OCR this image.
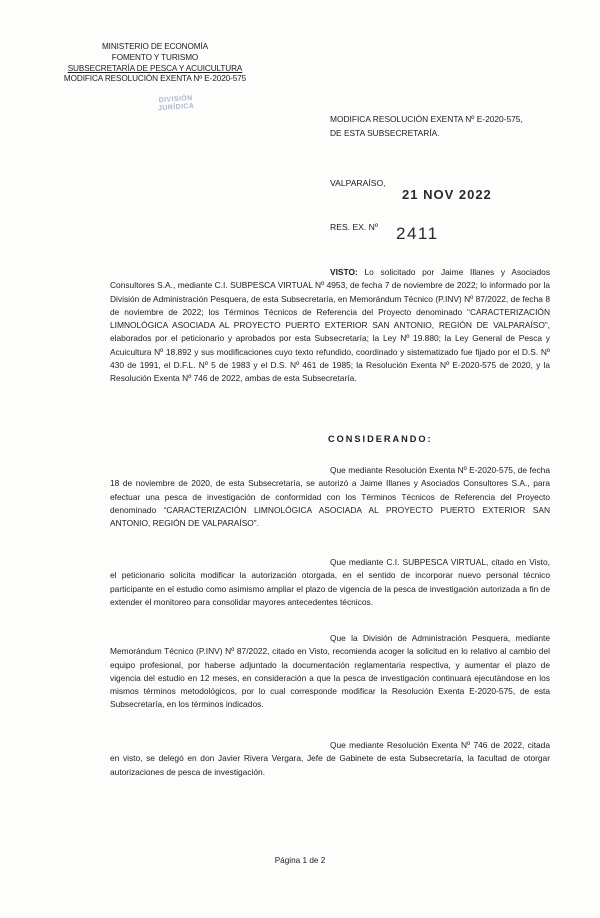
MINISTERIO DE ECONOMÍA
FOMENTO Y TURISMO
SUBSECRETARÍA DE PESCA Y ACUICULTURA
MODIFICA RESOLUCIÓN EXENTA Nº E-2020-575
DIVISIÓN
JURÍDICA
MODIFICA RESOLUCIÓN EXENTA Nº E-2020-575,
DE ESTA SUBSECRETARÍA.
VALPARAÍSO,
21 NOV 2022
RES. EX. Nº 2411

VISTO: Lo solicitado por Jaime Illanes y Asociados Consultores S.A., mediante C.I. SUBPESCA VIRTUAL Nº 4953, de fecha 7 de noviembre de 2022; lo informado por la División de Administración Pesquera, de esta Subsecretaría, en Memorándum Técnico (P.INV) Nº 87/2022, de fecha 8 de noviembre de 2022; los Términos Técnicos de Referencia del Proyecto denominado “CARACTERIZACIÓN LIMNOLÓGICA ASOCIADA AL PROYECTO PUERTO EXTERIOR SAN ANTONIO, REGIÓN DE VALPARAÍSO”, elaborados por el peticionario y aprobados por esta Subsecretaría; la Ley Nº 19.880; la Ley General de Pesca y Acuicultura Nº 18.892 y sus modificaciones cuyo texto refundido, coordinado y sistematizado fue fijado por el D.S. Nº 430 de 1991, el D.F.L. Nº 5 de 1983 y el D.S. Nº 461 de 1985; la Resolución Exenta Nº E-2020-575 de 2020, y la Resolución Exenta Nº 746 de 2022, ambas de esta Subsecretaría.

CONSIDERANDO:

Que mediante Resolución Exenta Nº E-2020-575, de fecha 18 de noviembre de 2020, de esta Subsecretaría, se autorizó a Jaime Illanes y Asociados Consultores S.A., para efectuar una pesca de investigación de conformidad con los Términos Técnicos de Referencia del Proyecto denominado “CARACTERIZACIÓN LIMNOLÓGICA ASOCIADA AL PROYECTO PUERTO EXTERIOR SAN ANTONIO, REGIÓN DE VALPARAÍSO”.

Que mediante C.I. SUBPESCA VIRTUAL, citado en Visto, el peticionario solicita modificar la autorización otorgada, en el sentido de incorporar nuevo personal técnico participante en el estudio como asimismo ampliar el plazo de vigencia de la pesca de investigación autorizada a fin de extender el monitoreo para consolidar mayores antecedentes técnicos.

Que la División de Administración Pesquera, mediante Memorándum Técnico (P.INV) Nº 87/2022, citado en Visto, recomienda acoger la solicitud en lo relativo al cambio del equipo profesional, por haberse adjuntado la documentación reglamentaria respectiva, y aumentar el plazo de vigencia del estudio en 12 meses, en consideración a que la pesca de investigación continuará ejecutándose en los mismos términos metodológicos, por lo cual corresponde modificar la Resolución Exenta E-2020-575, de esta Subsecretaría, en los términos indicados.

Que mediante Resolución Exenta Nº 746 de 2022, citada en visto, se delegó en don Javier Rivera Vergara, Jefe de Gabinete de esta Subsecretaría, la facultad de otorgar autorizaciones de pesca de investigación.

Página 1 de 2
